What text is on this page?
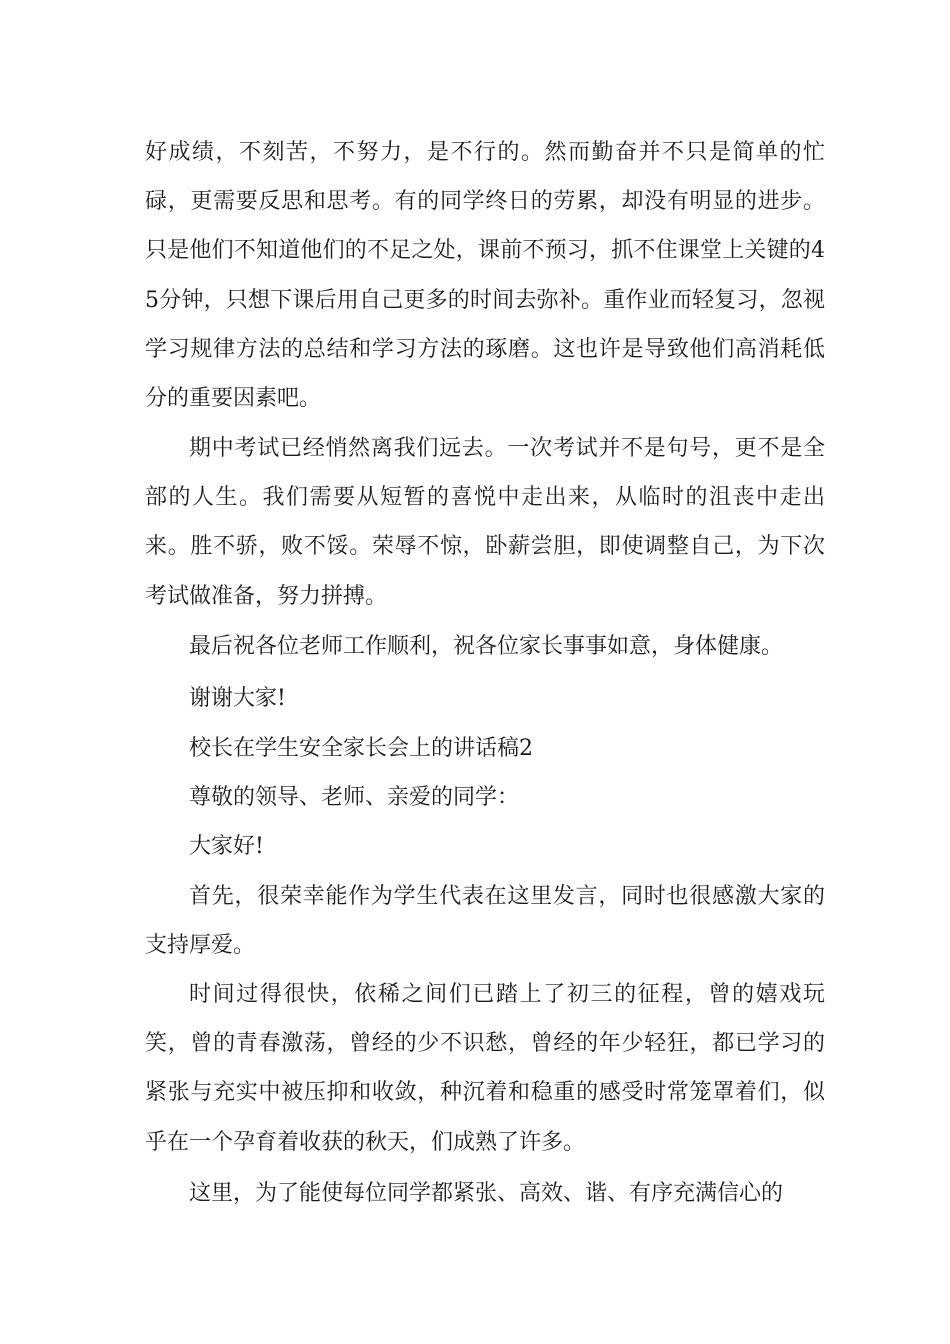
好成绩，不刻苦，不努力，是不行的。然而勤奋并不只是简单的忙碌，更需要反思和思考。有的同学终日的劳累，却没有明显的进步。只是他们不知道他们的不足之处，课前不预习，抓不住课堂上关键的45分钟，只想下课后用自己更多的时间去弥补。重作业而轻复习，忽视学习规律方法的总结和学习方法的琢磨。这也许是导致他们高消耗低分的重要因素吧。

期中考试已经悄然离我们远去。一次考试并不是句号，更不是全部的人生。我们需要从短暂的喜悦中走出来，从临时的沮丧中走出来。胜不骄，败不馁。荣辱不惊，卧薪尝胆，即使调整自己，为下次考试做准备，努力拼搏。

最后祝各位老师工作顺利，祝各位家长事事如意，身体健康。

谢谢大家!

校长在学生安全家长会上的讲话稿2

尊敬的领导、老师、亲爱的同学：

大家好!

首先，很荣幸能作为学生代表在这里发言，同时也很感激大家的支持厚爱。

时间过得很快，依稀之间们已踏上了初三的征程，曾的嬉戏玩笑，曾的青春激荡，曾经的少不识愁，曾经的年少轻狂，都已学习的紧张与充实中被压抑和收敛，种沉着和稳重的感受时常笼罩着们，似乎在一个孕育着收获的秋天，们成熟了许多。

这里，为了能使每位同学都紧张、高效、谐、有序充满信心的
